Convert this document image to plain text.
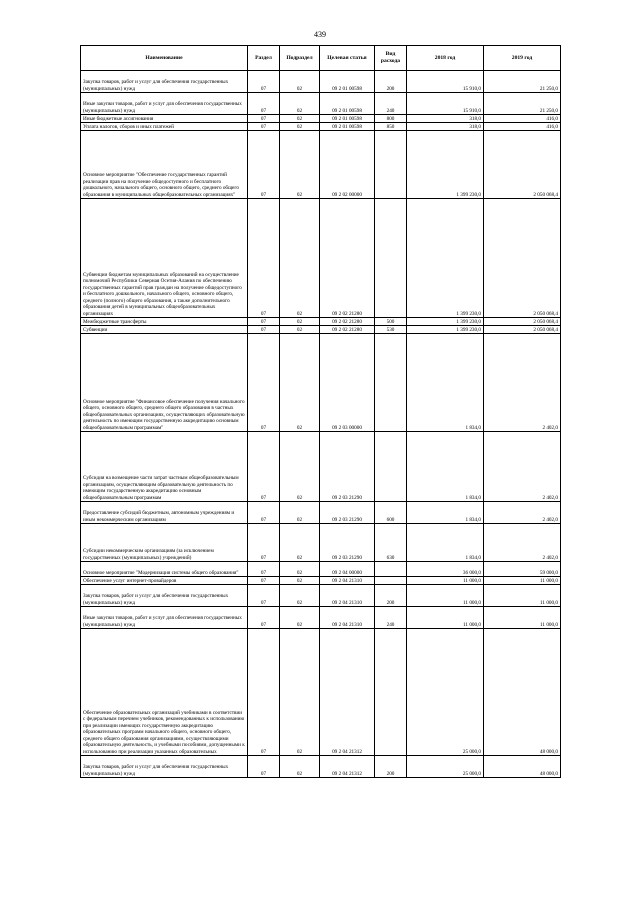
439
Наименование	Раздел	Подраздел	Целевая статья	Вид расхода	2018 год	2019 год
Закупка товаров, работ и услуг для обеспечения государственных (муниципальных) нужд	07	02	09 2 01 00598	200	15 910,0	21 250,0
Иные закупки товаров, работ и услуг для обеспечения государственных (муниципальных) нужд	07	02	09 2 01 00598	240	15 910,0	21 250,0
Иные бюджетные ассигнования	07	02	09 2 01 00598	800	318,0	416,0
Уплата налогов, сборов и иных платежей	07	02	09 2 01 00598	850	318,0	416,0
Основное мероприятие "Обеспечение государственных гарантий реализации прав на получение общедоступного и бесплатного дошкольного, начального общего, основного общего, среднего общего образования в муниципальных общеобразовательных организациях"	07	02	09 2 02 00000		1 399 230,0	2 050 068,4
Субвенции бюджетам муниципальных образований на осуществление полномочий Республики Северная Осетия-Алания по обеспечению государственных гарантий прав граждан на получение общедоступного и бесплатного дошкольного, начального общего, основного общего, среднего (полного) общего образования, а также дополнительного образования детей в муниципальных общеобразовательных организациях	07	02	09 2 02 21280		1 399 230,0	2 050 068,4
Межбюджетные трансферты	07	02	09 2 02 21280	500	1 399 230,0	2 050 068,4
Субвенции	07	02	09 2 02 21280	530	1 399 230,0	2 050 068,4
Основное мероприятие "Финансовое обеспечение получения начального общего, основного общего, среднего общего образования в частных общеобразовательных организациях, осуществляющих образовательную деятельность по имеющим государственную аккредитацию основным общеобразовательным программам"	07	02	09 2 03 00000		1 834,0	2 402,0
Субсидия на возмещение части затрат частным общеобразовательным организациям, осуществляющим образовательную деятельность по имеющим государственную аккредитацию основным общеобразовательным программам	07	02	09 2 03 21290		1 834,0	2 402,0
Предоставление субсидий бюджетным, автономным учреждениям и иным некоммерческим организациям	07	02	09 2 03 21290	600	1 834,0	2 402,0
Субсидии некоммерческим организациям (за исключением государственных (муниципальных) учреждений)	07	02	09 2 03 21290	630	1 834,0	2 402,0
Основное мероприятие "Модернизация системы общего образования"	07	02	09 2 04 00000		36 000,0	59 000,0
Обеспечение услуг интернет-провайдеров	07	02	09 2 04 21310		11 000,0	11 000,0
Закупка товаров, работ и услуг для обеспечения государственных (муниципальных) нужд	07	02	09 2 04 21310	200	11 000,0	11 000,0
Иные закупки товаров, работ и услуг для обеспечения государственных (муниципальных) нужд	07	02	09 2 04 21310	240	11 000,0	11 000,0
Обеспечение образовательных организаций учебниками в соответствии с федеральным перечнем учебников, рекомендованных к использованию при реализации имеющих государственную аккредитацию образовательных программ начального общего, основного общего, среднего общего образования организациями, осуществляющими образовательную деятельность, и учебными пособиями, допущенными к использованию при реализации указанных образовательных	07	02	09 2 04 21312		25 000,0	48 000,0
Закупка товаров, работ и услуг для обеспечения государственных (муниципальных) нужд	07	02	09 2 04 21312	200	25 000,0	48 000,0
